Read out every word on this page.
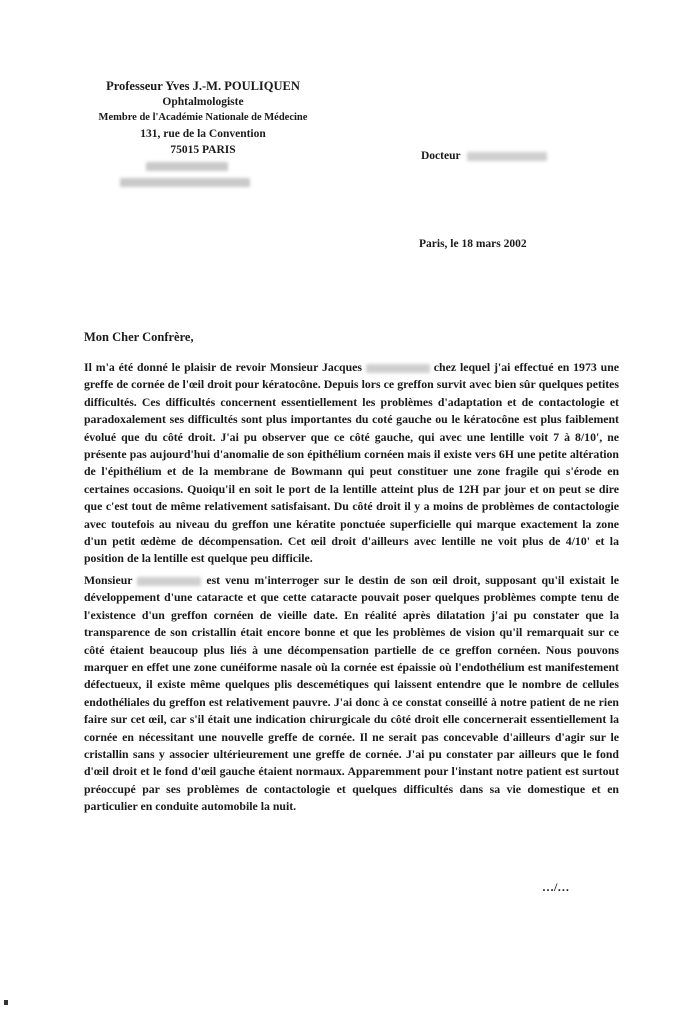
Professeur Yves J.-M. POULIQUEN
Ophtalmologiste
Membre de l'Académie Nationale de Médecine
131, rue de la Convention
75015 PARIS	Docteur
Paris, le 18 mars 2002
Mon Cher Confrère,
Il m'a été donné le plaisir de revoir Monsieur Jacques	chez lequel j'ai effectué en 1973 une greffe de cornée de l'œil droit pour kératocône. Depuis lors ce greffon survit avec bien sûr quelques petites difficultés. Ces difficultés concernent essentiellement les problèmes d'adaptation et de contactologie et paradoxalement ses difficultés sont plus importantes du coté gauche ou le kératocône est plus faiblement évolué que du côté droit. J'ai pu observer que ce côté gauche, qui avec une lentille voit 7 à 8/10', ne présente pas aujourd'hui d'anomalie de son épithélium cornéen mais il existe vers 6H une petite altération de l'épithélium et de la membrane de Bowmann qui peut constituer une zone fragile qui s'érode en certaines occasions. Quoiqu'il en soit le port de la lentille atteint plus de 12H par jour et on peut se dire que c'est tout de même relativement satisfaisant. Du côté droit il y a moins de problèmes de contactologie avec toutefois au niveau du greffon une kératite ponctuée superficielle qui marque exactement la zone d'un petit œdème de décompensation. Cet œil droit d'ailleurs avec lentille ne voit plus de 4/10' et la position de la lentille est quelque peu difficile.
Monsieur	est venu m'interroger sur le destin de son œil droit, supposant qu'il existait le développement d'une cataracte et que cette cataracte pouvait poser quelques problèmes compte tenu de l'existence d'un greffon cornéen de vieille date. En réalité après dilatation j'ai pu constater que la transparence de son cristallin était encore bonne et que les problèmes de vision qu'il remarquait sur ce côté étaient beaucoup plus liés à une décompensation partielle de ce greffon cornéen. Nous pouvons marquer en effet une zone cunéiforme nasale où la cornée est épaissie où l'endothélium est manifestement défectueux, il existe même quelques plis descemétiques qui laissent entendre que le nombre de cellules endothéliales du greffon est relativement pauvre. J'ai donc à ce constat conseillé à notre patient de ne rien faire sur cet œil, car s'il était une indication chirurgicale du côté droit elle concernerait essentiellement la cornée en nécessitant une nouvelle greffe de cornée. Il ne serait pas concevable d'ailleurs d'agir sur le cristallin sans y associer ultérieurement une greffe de cornée. J'ai pu constater par ailleurs que le fond d'œil droit et le fond d'œil gauche étaient normaux. Apparemment pour l'instant notre patient est surtout préoccupé par ses problèmes de contactologie et quelques difficultés dans sa vie domestique et en particulier en conduite automobile la nuit.
…/…
